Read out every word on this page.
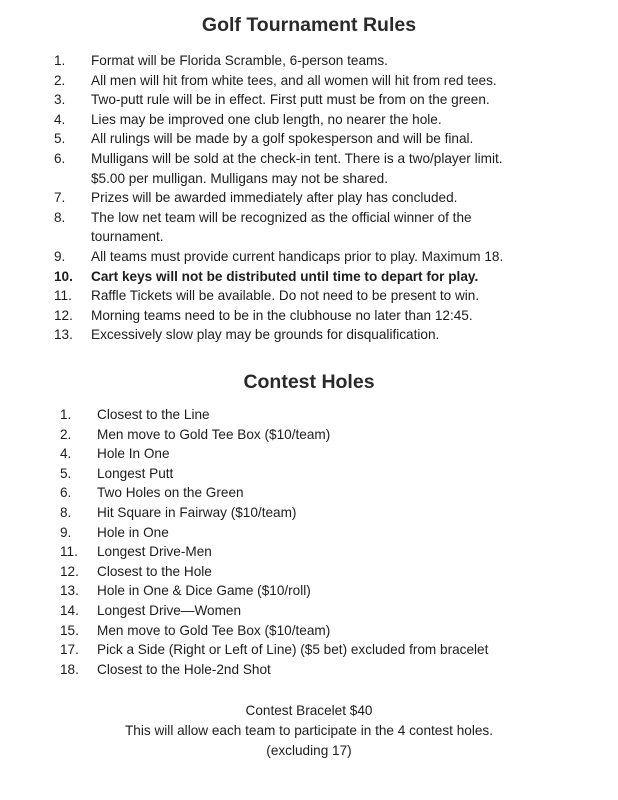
Golf Tournament Rules
1. Format will be Florida Scramble, 6-person teams.
2. All men will hit from white tees, and all women will hit from red tees.
3. Two-putt rule will be in effect. First putt must be from on the green.
4. Lies may be improved one club length, no nearer the hole.
5. All rulings will be made by a golf spokesperson and will be final.
6. Mulligans will be sold at the check-in tent. There is a two/player limit.
$5.00 per mulligan. Mulligans may not be shared.
7. Prizes will be awarded immediately after play has concluded.
8. The low net team will be recognized as the official winner of the
tournament.
9. All teams must provide current handicaps prior to play. Maximum 18.
10. Cart keys will not be distributed until time to depart for play.
11. Raffle Tickets will be available. Do not need to be present to win.
12. Morning teams need to be in the clubhouse no later than 12:45.
13. Excessively slow play may be grounds for disqualification.
Contest Holes
1. Closest to the Line
2. Men move to Gold Tee Box ($10/team)
4. Hole In One
5. Longest Putt
6. Two Holes on the Green
8. Hit Square in Fairway ($10/team)
9. Hole in One
11. Longest Drive-Men
12. Closest to the Hole
13. Hole in One & Dice Game ($10/roll)
14. Longest Drive—Women
15. Men move to Gold Tee Box ($10/team)
17. Pick a Side (Right or Left of Line) ($5 bet) excluded from bracelet
18. Closest to the Hole-2nd Shot
Contest Bracelet $40
This will allow each team to participate in the 4 contest holes.
(excluding 17)
